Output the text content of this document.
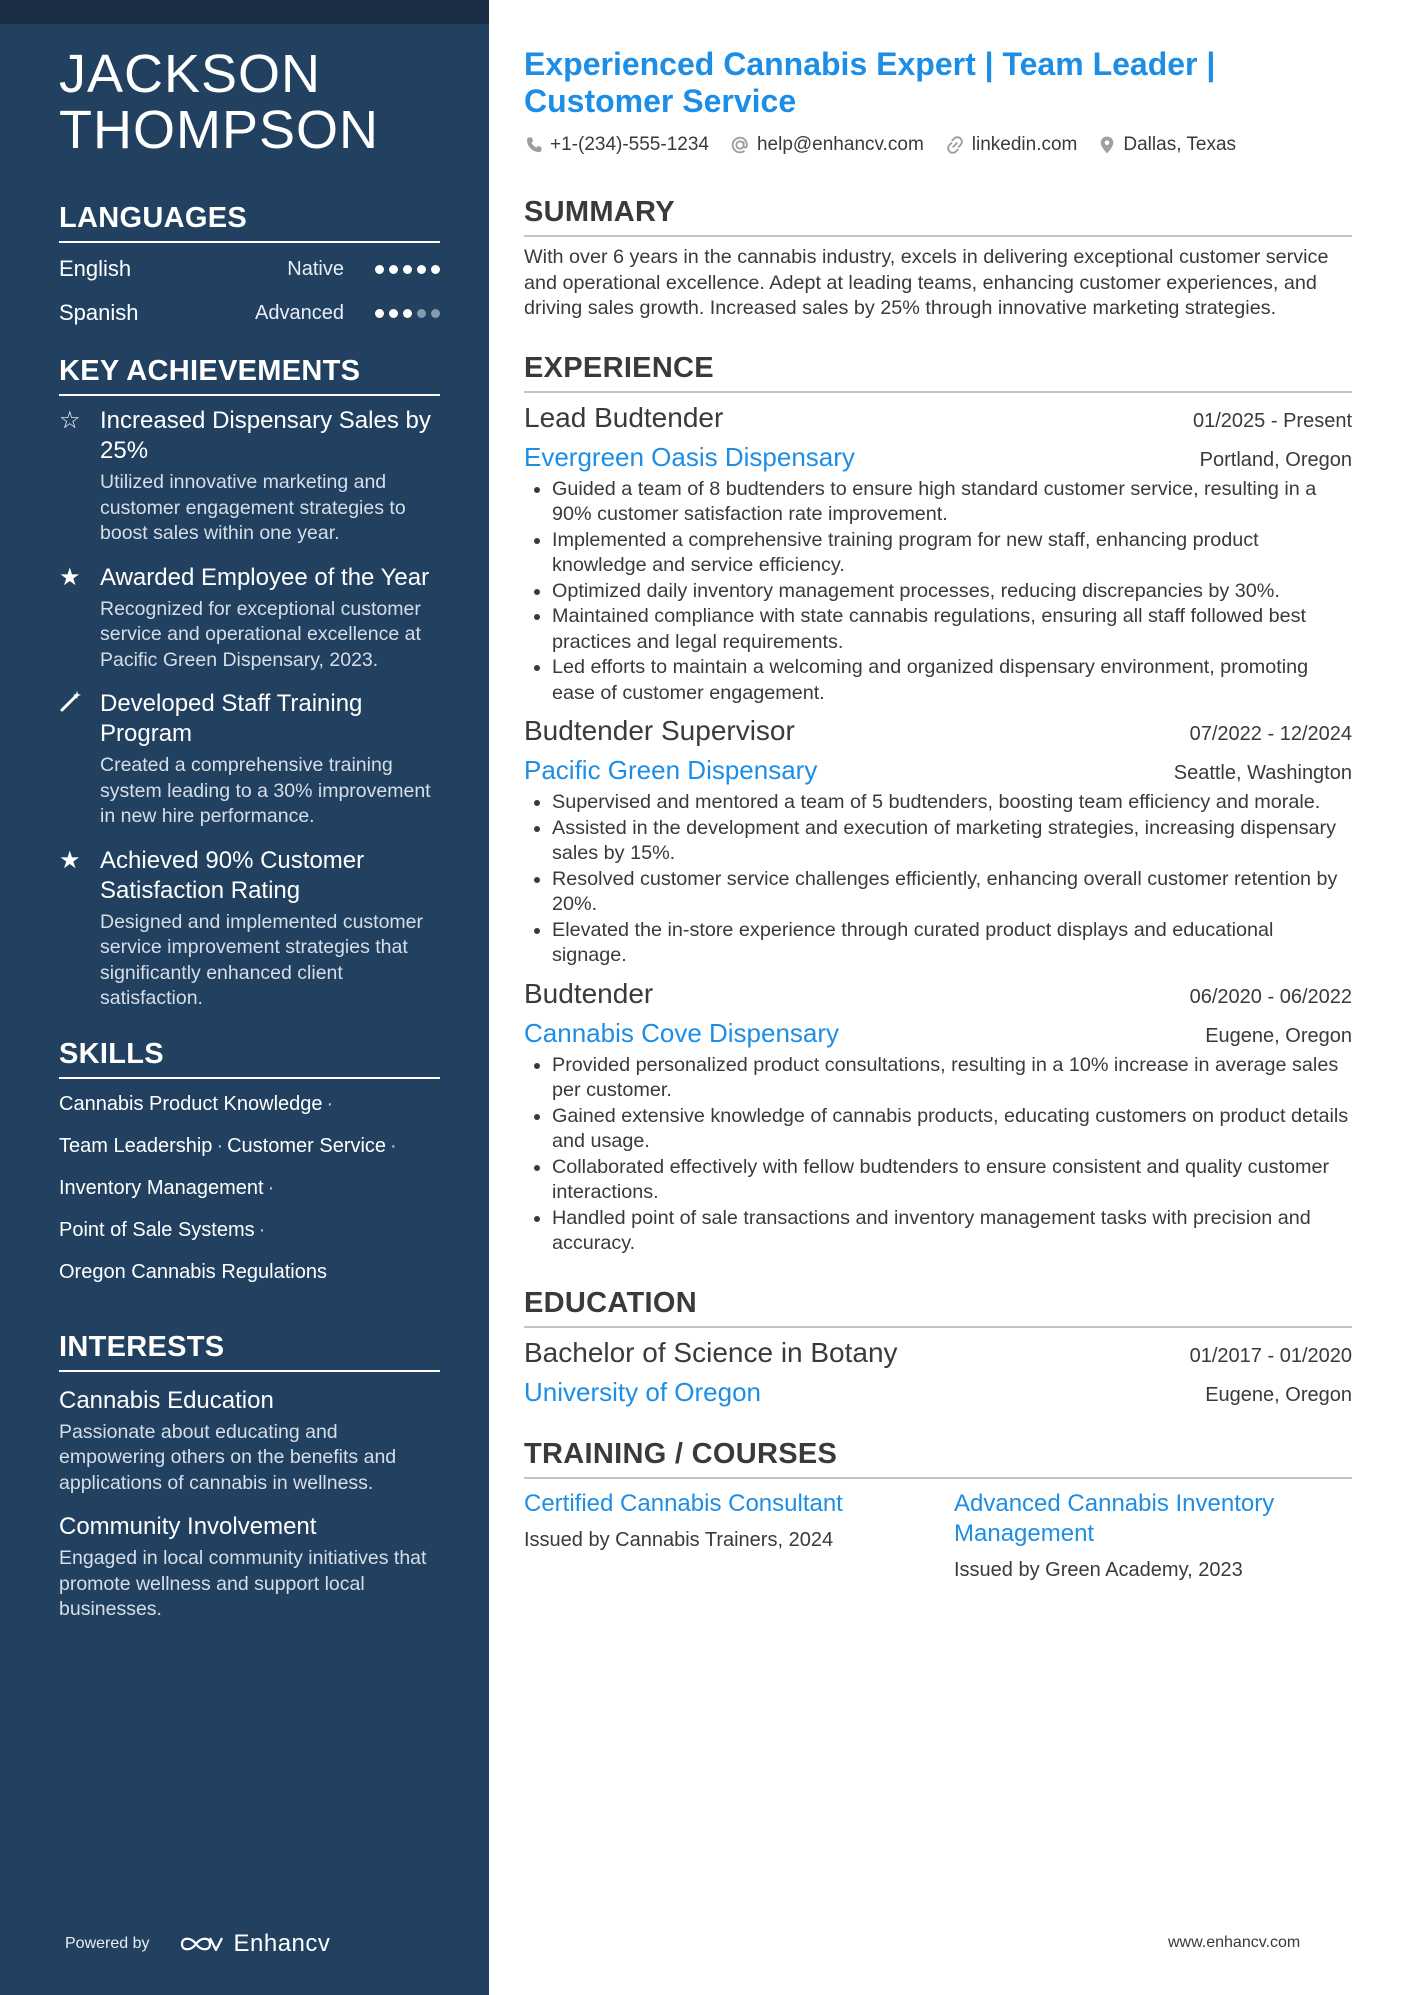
JACKSON
THOMPSON
LANGUAGES
English	Native
Spanish	Advanced
KEY ACHIEVEMENTS
☆ Increased Dispensary Sales by 25%
Utilized innovative marketing and customer engagement strategies to boost sales within one year.
★ Awarded Employee of the Year
Recognized for exceptional customer service and operational excellence at Pacific Green Dispensary, 2023.
Developed Staff Training Program
Created a comprehensive training system leading to a 30% improvement in new hire performance.
★ Achieved 90% Customer Satisfaction Rating
Designed and implemented customer service improvement strategies that significantly enhanced client satisfaction.
SKILLS
Cannabis Product Knowledge ·
Team Leadership · Customer Service ·
Inventory Management ·
Point of Sale Systems ·
Oregon Cannabis Regulations
INTERESTS
Cannabis Education
Passionate about educating and empowering others on the benefits and applications of cannabis in wellness.
Community Involvement
Engaged in local community initiatives that promote wellness and support local businesses.
Powered by	Enhancv
Experienced Cannabis Expert | Team Leader | Customer Service
+1-(234)-555-1234	help@enhancv.com	linkedin.com Dallas, Texas
SUMMARY
With over 6 years in the cannabis industry, excels in delivering exceptional customer service and operational excellence. Adept at leading teams, enhancing customer experiences, and driving sales growth. Increased sales by 25% through innovative marketing strategies.
EXPERIENCE
Lead Budtender	01/2025 - Present
Evergreen Oasis Dispensary	Portland, Oregon
• Guided a team of 8 budtenders to ensure high standard customer service, resulting in a 90% customer satisfaction rate improvement.
• Implemented a comprehensive training program for new staff, enhancing product knowledge and service efficiency.
• Optimized daily inventory management processes, reducing discrepancies by 30%.
• Maintained compliance with state cannabis regulations, ensuring all staff followed best practices and legal requirements.
• Led efforts to maintain a welcoming and organized dispensary environment, promoting ease of customer engagement.
Budtender Supervisor	07/2022 - 12/2024
Pacific Green Dispensary	Seattle, Washington
• Supervised and mentored a team of 5 budtenders, boosting team efficiency and morale.
• Assisted in the development and execution of marketing strategies, increasing dispensary sales by 15%.
• Resolved customer service challenges efficiently, enhancing overall customer retention by 20%.
• Elevated the in-store experience through curated product displays and educational signage.
Budtender	06/2020 - 06/2022
Cannabis Cove Dispensary	Eugene, Oregon
• Provided personalized product consultations, resulting in a 10% increase in average sales per customer.
• Gained extensive knowledge of cannabis products, educating customers on product details and usage.
• Collaborated effectively with fellow budtenders to ensure consistent and quality customer interactions.
• Handled point of sale transactions and inventory management tasks with precision and accuracy.
EDUCATION
Bachelor of Science in Botany	01/2017 - 01/2020
University of Oregon	Eugene, Oregon
TRAINING / COURSES
Certified Cannabis Consultant
Issued by Cannabis Trainers, 2024
Advanced Cannabis Inventory Management
Issued by Green Academy, 2023
www.enhancv.com
